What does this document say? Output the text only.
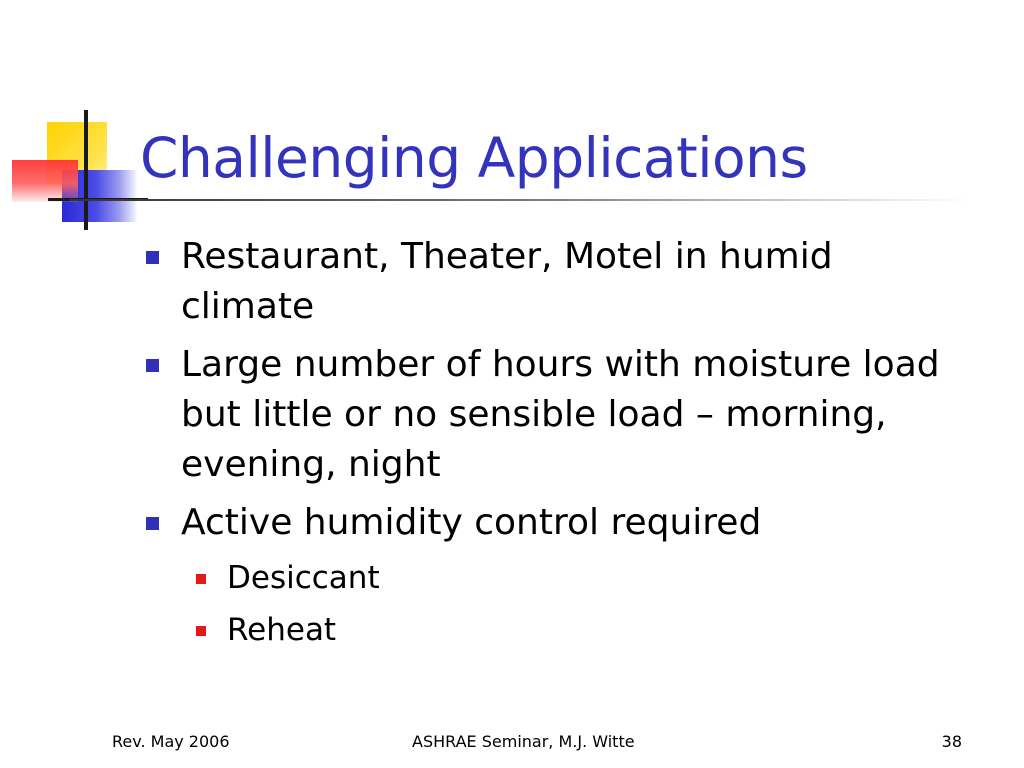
Challenging Applications
Restaurant, Theater, Motel in humid climate
Large number of hours with moisture load but little or no sensible load – morning, evening, night
Active humidity control required
Desiccant
Reheat
Rev. May 2006	ASHRAE Seminar, M.J. Witte	38
